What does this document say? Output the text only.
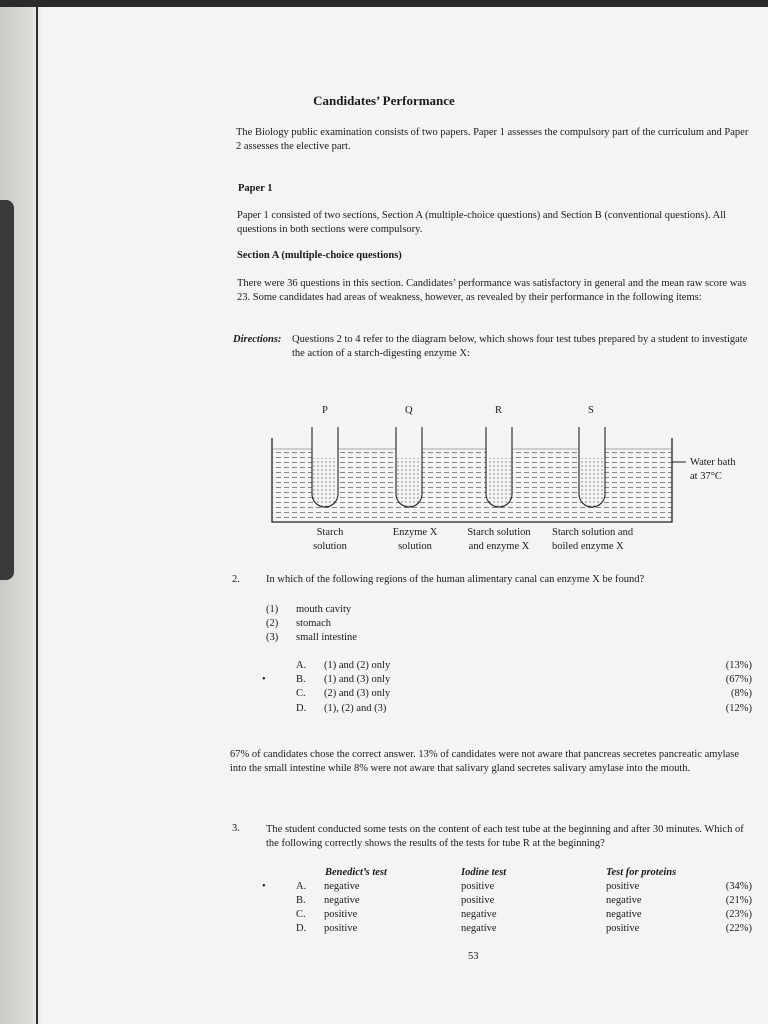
Candidates’ Performance
The Biology public examination consists of two papers. Paper 1 assesses the compulsory part of the curriculum and Paper 2 assesses the elective part.
Paper 1
Paper 1 consisted of two sections, Section A (multiple-choice questions) and Section B (conventional questions). All questions in both sections were compulsory.
Section A (multiple-choice questions)
There were 36 questions in this section. Candidates’ performance was satisfactory in general and the mean raw score was 23. Some candidates had areas of weakness, however, as revealed by their performance in the following items:
Directions: Questions 2 to 4 refer to the diagram below, which shows four test tubes prepared by a student to investigate the action of a starch-digesting enzyme X:
P	Q	R	S
Water bath
at 37°C
Starch
solution
Enzyme X
solution
Starch solution
and enzyme X
Starch solution and
boiled enzyme X
2. In which of the following regions of the human alimentary canal can enzyme X be found?
(1) mouth cavity
(2) stomach
(3) small intestine
A. (1) and (2) only	(13%)
•	B. (1) and (3) only	(67%)
C. (2) and (3) only	(8%)
D. (1), (2) and (3)	(12%)
67% of candidates chose the correct answer. 13% of candidates were not aware that pancreas secretes pancreatic amylase into the small intestine while 8% were not aware that salivary gland secretes salivary amylase into the mouth.
3. The student conducted some tests on the content of each test tube at the beginning and after 30 minutes. Which of the following correctly shows the results of the tests for tube R at the beginning?
Benedict’s test	Iodine test	Test for proteins
•	A. negative	positive	positive	(34%)
B. negative	positive	negative	(21%)
C. positive	negative	negative	(23%)
D. positive	negative	positive	(22%)
53
